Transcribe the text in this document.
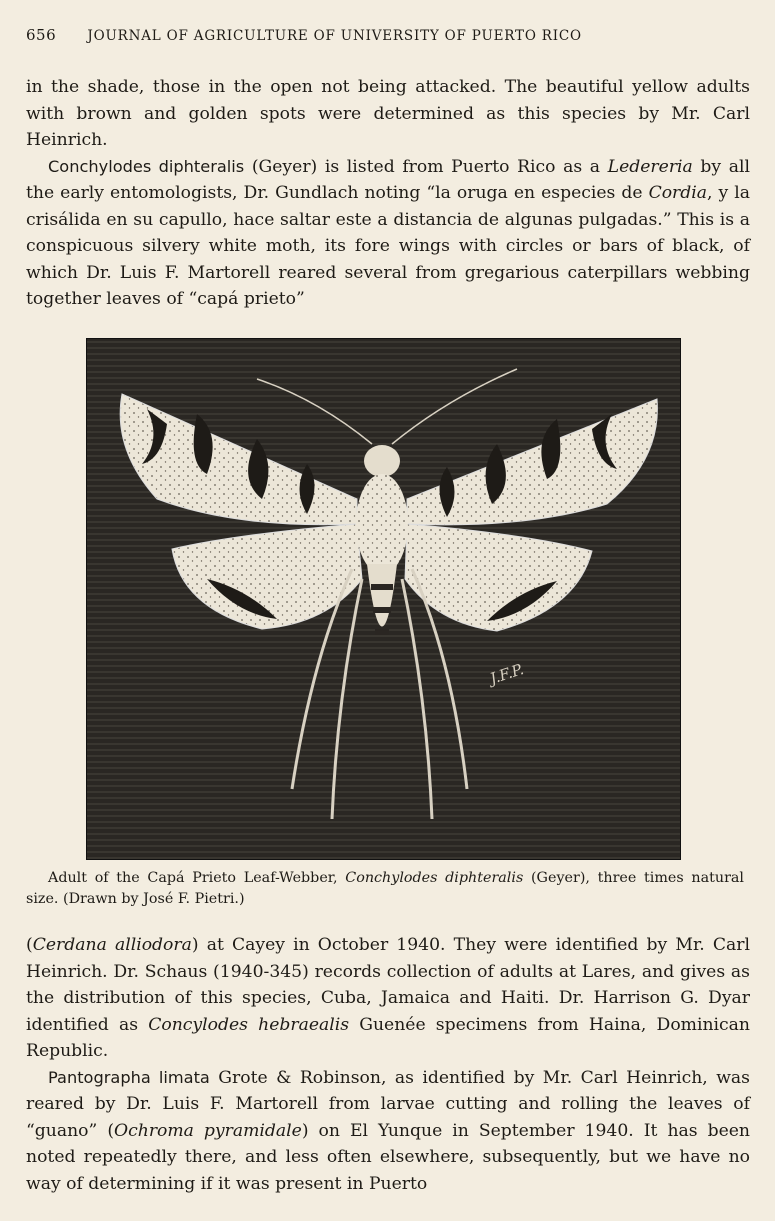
656 JOURNAL OF AGRICULTURE OF UNIVERSITY OF PUERTO RICO

in the shade, those in the open not being attacked. The beautiful yellow adults with brown and golden spots were determined as this species by Mr. Carl Heinrich.

Conchylodes diphteralis (Geyer) is listed from Puerto Rico as a Ledereria by all the early entomologists, Dr. Gundlach noting “la oruga en especies de Cordia, y la crisálida en su capullo, hace saltar este a distancia de algunas pulgadas.” This is a conspicuous silvery white moth, its fore wings with circles or bars of black, of which Dr. Luis F. Martorell reared several from gregarious caterpillars webbing together leaves of “capá prieto”

J.F.P.
Adult of the Capá Prieto Leaf-Webber, Conchylodes diphteralis (Geyer), three times natural size. (Drawn by José F. Pietri.)

(Cerdana alliodora) at Cayey in October 1940. They were identified by Mr. Carl Heinrich. Dr. Schaus (1940-345) records collection of adults at Lares, and gives as the distribution of this species, Cuba, Jamaica and Haiti. Dr. Harrison G. Dyar identified as Concylodes hebraealis Guenée specimens from Haina, Dominican Republic.

Pantographa limata Grote & Robinson, as identified by Mr. Carl Heinrich, was reared by Dr. Luis F. Martorell from larvae cutting and rolling the leaves of “guano” (Ochroma pyramidale) on El Yunque in September 1940. It has been noted repeatedly there, and less often elsewhere, subsequently, but we have no way of determining if it was present in Puerto
